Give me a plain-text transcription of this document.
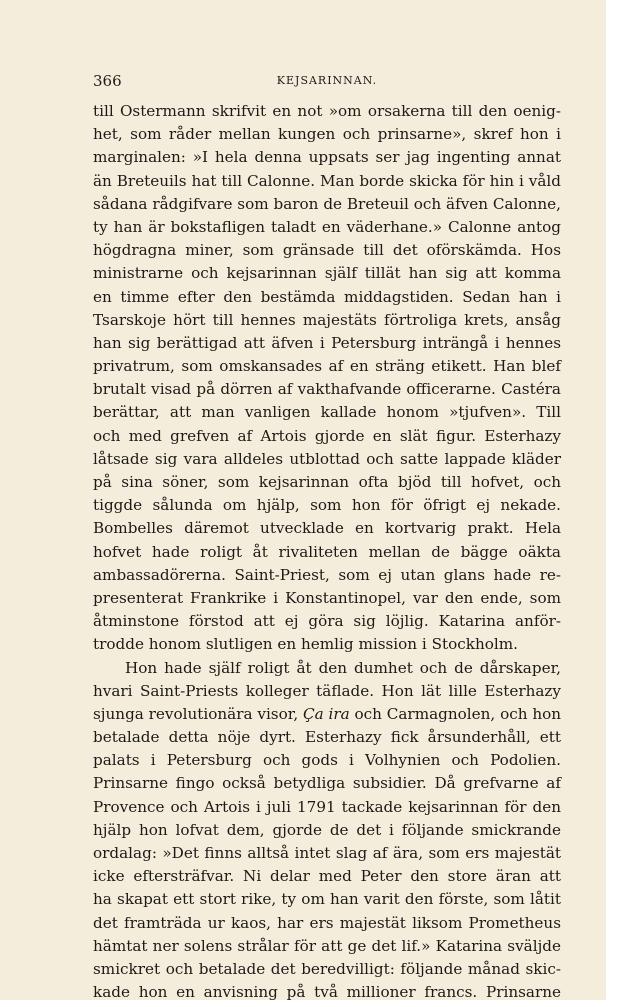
366	KEJSARINNAN.
till Ostermann skrifvit en not »om orsakerna till den oenig-
het, som råder mellan kungen och prinsarne», skref hon i
marginalen: »I hela denna uppsats ser jag ingenting annat
än Breteuils hat till Calonne. Man borde skicka för hin i våld
sådana rådgifvare som baron de Breteuil och äfven Calonne,
ty han är bokstafligen taladt en väderhane.» Calonne antog
högdragna miner, som gränsade till det oförskämda. Hos
ministrarne och kejsarinnan själf tillät han sig att komma
en timme efter den bestämda middagstiden. Sedan han i
Tsarskoje hört till hennes majestäts förtroliga krets, ansåg
han sig berättigad att äfven i Petersburg inträngå i hennes
privatrum, som omskansades af en sträng etikett. Han blef
brutalt visad på dörren af vakthafvande officerarne. Castéra
berättar, att man vanligen kallade honom »tjufven». Till
och med grefven af Artois gjorde en slät figur. Esterhazy
låtsade sig vara alldeles utblottad och satte lappade kläder
på sina söner, som kejsarinnan ofta bjöd till hofvet, och
tiggde sålunda om hjälp, som hon för öfrigt ej nekade.
Bombelles däremot utvecklade en kortvarig prakt. Hela
hofvet hade roligt åt rivaliteten mellan de bägge oäkta
ambassadörerna. Saint-Priest, som ej utan glans hade re-
presenterat Frankrike i Konstantinopel, var den ende, som
åtminstone förstod att ej göra sig löjlig. Katarina anför-
trodde honom slutligen en hemlig mission i Stockholm.
Hon hade själf roligt åt den dumhet och de dårskaper,
hvari Saint-Priests kolleger täflade. Hon lät lille Esterhazy
sjunga revolutionära visor, Ça ira och Carmagnolen, och hon
betalade detta nöje dyrt. Esterhazy fick årsunderhåll, ett
palats i Petersburg och gods i Volhynien och Podolien.
Prinsarne fingo också betydliga subsidier. Då grefvarne af
Provence och Artois i juli 1791 tackade kejsarinnan för den
hjälp hon lofvat dem, gjorde de det i följande smickrande
ordalag: »Det finns alltså intet slag af ära, som ers majestät
icke eftersträfvar. Ni delar med Peter den store äran att
ha skapat ett stort rike, ty om han varit den förste, som låtit
det framträda ur kaos, har ers majestät liksom Prometheus
hämtat ner solens strålar för att ge det lif.» Katarina sväljde
smickret och betalade det beredvilligt: följande månad skic-
kade hon en anvisning på två millioner francs. Prinsarne
